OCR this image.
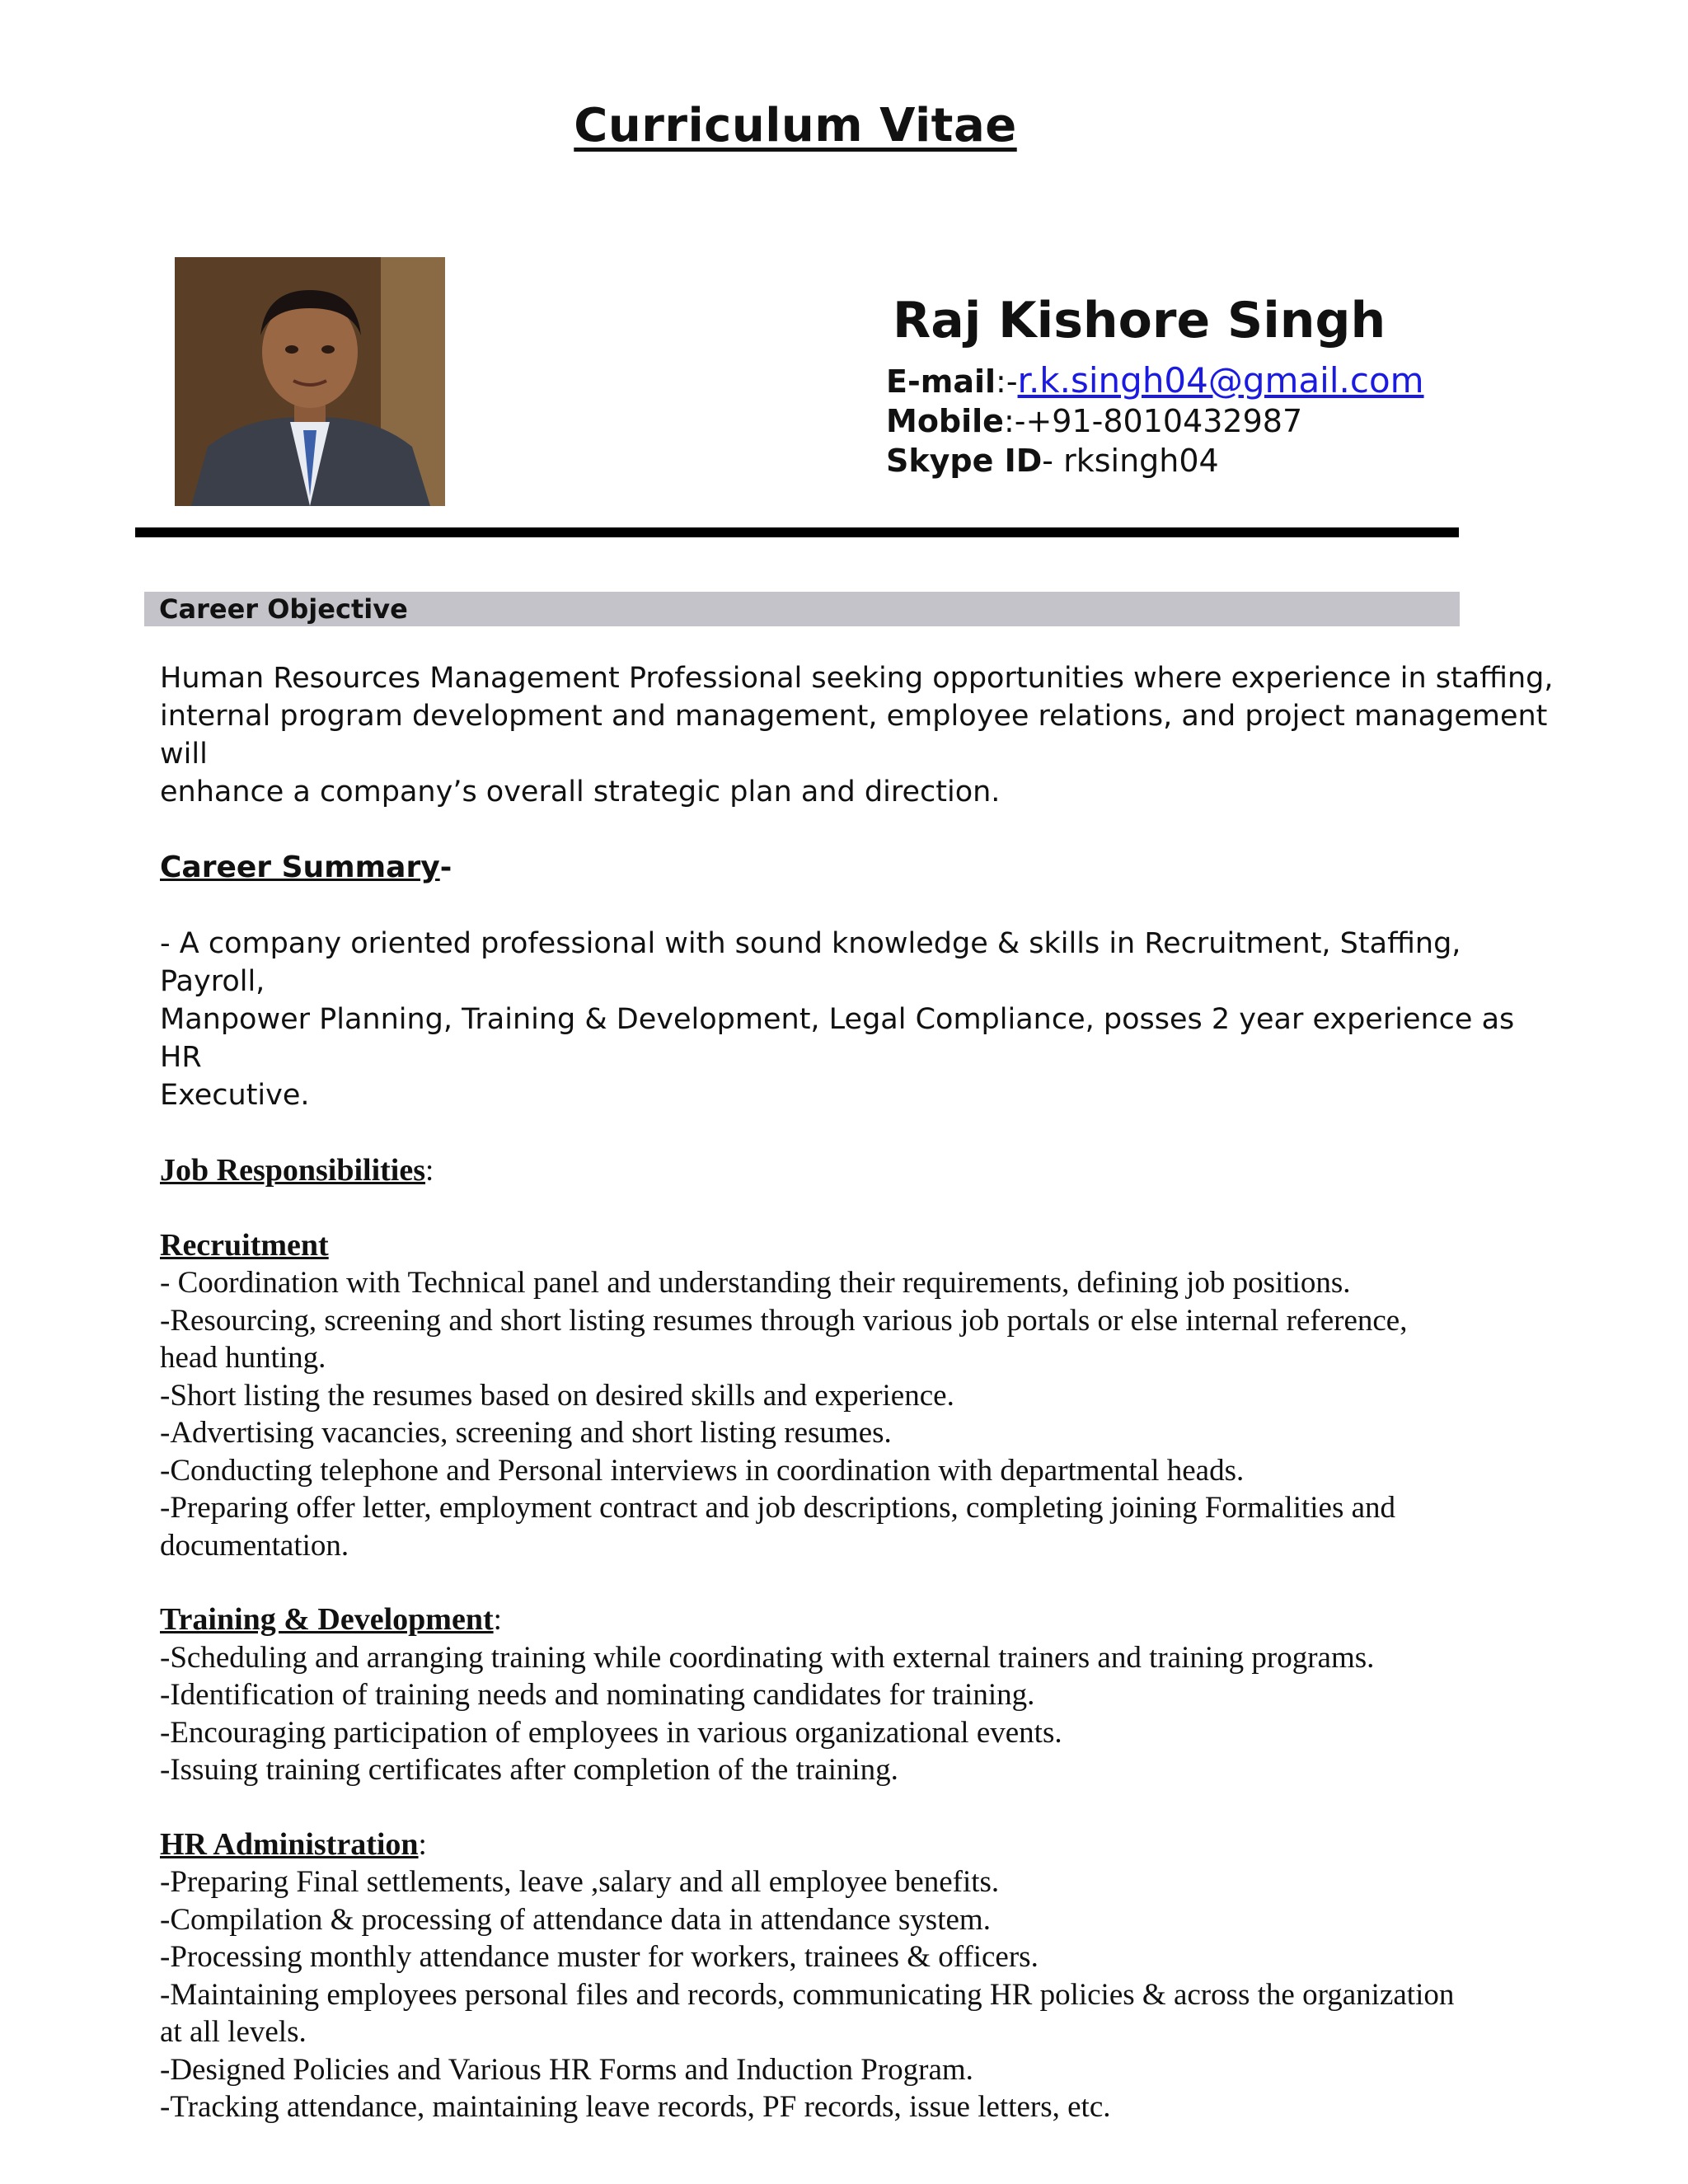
Curriculum Vitae
Raj Kishore Singh
E-mail:-r.k.singh04@gmail.com
Mobile:-+91-8010432987
Skype ID- rksingh04
Career Objective

Human Resources Management Professional seeking opportunities where experience in staffing,

internal program development and management, employee relations, and project management will

enhance a company’s overall strategic plan and direction.

Career Summary-

- A company oriented professional with sound knowledge & skills in Recruitment, Staffing, Payroll,

Manpower Planning, Training & Development, Legal Compliance, posses 2 year experience as HR

Executive.

Job Responsibilities:

Recruitment

- Coordination with Technical panel and understanding their requirements, defining job positions.

-Resourcing, screening and short listing resumes through various job portals or else internal reference,

head hunting.

-Short listing the resumes based on desired skills and experience.

-Advertising vacancies, screening and short listing resumes.

-Conducting telephone and Personal interviews in coordination with departmental heads.

-Preparing offer letter, employment contract and job descriptions, completing joining Formalities and

documentation.

Training & Development:

-Scheduling and arranging training while coordinating with external trainers and training programs.

-Identification of training needs and nominating candidates for training.

-Encouraging participation of employees in various organizational events.

-Issuing training certificates after completion of the training.

HR Administration:

-Preparing Final settlements, leave ,salary and all employee benefits.

-Compilation & processing of attendance data in attendance system.

-Processing monthly attendance muster for workers, trainees & officers.

-Maintaining employees personal files and records, communicating HR policies & across the organization

at all levels.

-Designed Policies and Various HR Forms and Induction Program.

-Tracking attendance, maintaining leave records, PF records, issue letters, etc.
